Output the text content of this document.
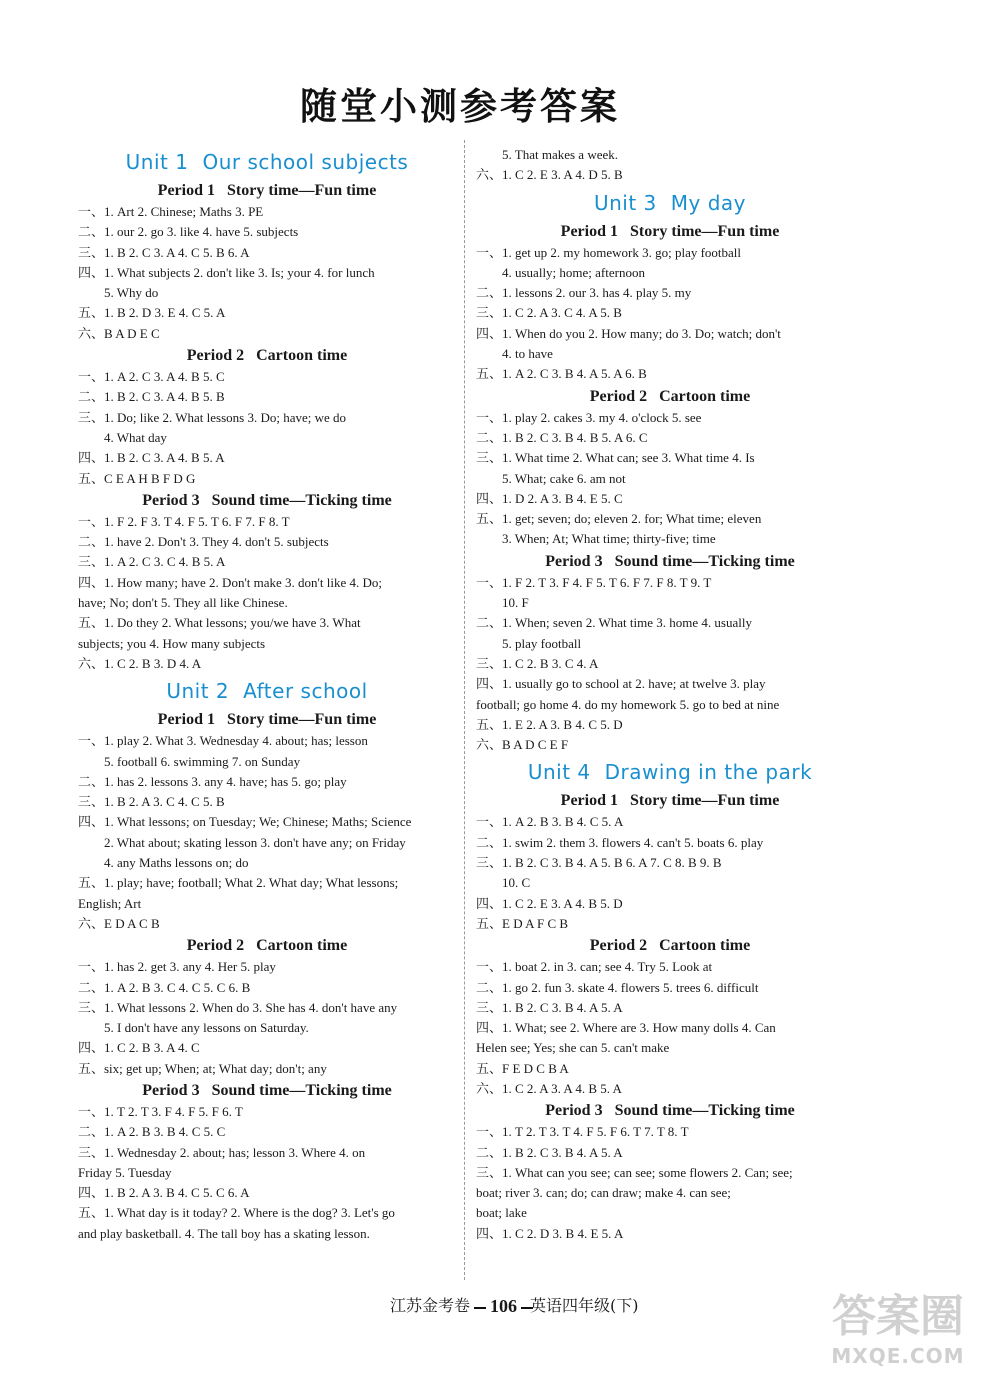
随堂小测参考答案
Unit 1 Our school subjects
Period 1 Story time—Fun time
一、1. Art 2. Chinese; Maths 3. PE
二、1. our 2. go 3. like 4. have 5. subjects
三、1. B 2. C 3. A 4. C 5. B 6. A
四、1. What subjects 2. don't like 3. Is; your 4. for lunch
5. Why do
五、1. B 2. D 3. E 4. C 5. A
六、B A D E C
Period 2 Cartoon time
一、1. A 2. C 3. A 4. B 5. C
二、1. B 2. C 3. A 4. B 5. B
三、1. Do; like 2. What lessons 3. Do; have; we do
4. What day
四、1. B 2. C 3. A 4. B 5. A
五、C E A H B F D G
Period 3 Sound time—Ticking time
一、1. F 2. F 3. T 4. F 5. T 6. F 7. F 8. T
二、1. have 2. Don't 3. They 4. don't 5. subjects
三、1. A 2. C 3. C 4. B 5. A
四、1. How many; have 2. Don't make 3. don't like 4. Do;
have; No; don't 5. They all like Chinese.
五、1. Do they 2. What lessons; you/we have 3. What
subjects; you 4. How many subjects
六、1. C 2. B 3. D 4. A
Unit 2 After school
Period 1 Story time—Fun time
一、1. play 2. What 3. Wednesday 4. about; has; lesson
5. football 6. swimming 7. on Sunday
二、1. has 2. lessons 3. any 4. have; has 5. go; play
三、1. B 2. A 3. C 4. C 5. B
四、1. What lessons; on Tuesday; We; Chinese; Maths; Science
2. What about; skating lesson 3. don't have any; on Friday
4. any Maths lessons on; do
五、1. play; have; football; What 2. What day; What lessons;
English; Art
六、E D A C B
Period 2 Cartoon time
一、1. has 2. get 3. any 4. Her 5. play
二、1. A 2. B 3. C 4. C 5. C 6. B
三、1. What lessons 2. When do 3. She has 4. don't have any
5. I don't have any lessons on Saturday.
四、1. C 2. B 3. A 4. C
五、six; get up; When; at; What day; don't; any
Period 3 Sound time—Ticking time
一、1. T 2. T 3. F 4. F 5. F 6. T
二、1. A 2. B 3. B 4. C 5. C
三、1. Wednesday 2. about; has; lesson 3. Where 4. on
Friday 5. Tuesday
四、1. B 2. A 3. B 4. C 5. C 6. A
五、1. What day is it today? 2. Where is the dog? 3. Let's go
and play basketball. 4. The tall boy has a skating lesson.
5. That makes a week.
六、1. C 2. E 3. A 4. D 5. B
Unit 3 My day
Period 1 Story time—Fun time
一、1. get up 2. my homework 3. go; play football
4. usually; home; afternoon
二、1. lessons 2. our 3. has 4. play 5. my
三、1. C 2. A 3. C 4. A 5. B
四、1. When do you 2. How many; do 3. Do; watch; don't
4. to have
五、1. A 2. C 3. B 4. A 5. A 6. B
Period 2 Cartoon time
一、1. play 2. cakes 3. my 4. o'clock 5. see
二、1. B 2. C 3. B 4. B 5. A 6. C
三、1. What time 2. What can; see 3. What time 4. Is
5. What; cake 6. am not
四、1. D 2. A 3. B 4. E 5. C
五、1. get; seven; do; eleven 2. for; What time; eleven
3. When; At; What time; thirty-five; time
Period 3 Sound time—Ticking time
一、1. F 2. T 3. F 4. F 5. T 6. F 7. F 8. T 9. T
10. F
二、1. When; seven 2. What time 3. home 4. usually
5. play football
三、1. C 2. B 3. C 4. A
四、1. usually go to school at 2. have; at twelve 3. play
football; go home 4. do my homework 5. go to bed at nine
五、1. E 2. A 3. B 4. C 5. D
六、B A D C E F
Unit 4 Drawing in the park
Period 1 Story time—Fun time
一、1. A 2. B 3. B 4. C 5. A
二、1. swim 2. them 3. flowers 4. can't 5. boats 6. play
三、1. B 2. C 3. B 4. A 5. B 6. A 7. C 8. B 9. B
10. C
四、1. C 2. E 3. A 4. B 5. D
五、E D A F C B
Period 2 Cartoon time
一、1. boat 2. in 3. can; see 4. Try 5. Look at
二、1. go 2. fun 3. skate 4. flowers 5. trees 6. difficult
三、1. B 2. C 3. B 4. A 5. A
四、1. What; see 2. Where are 3. How many dolls 4. Can
Helen see; Yes; she can 5. can't make
五、F E D C B A
六、1. C 2. A 3. A 4. B 5. A
Period 3 Sound time—Ticking time
一、1. T 2. T 3. T 4. F 5. F 6. T 7. T 8. T
二、1. B 2. C 3. B 4. A 5. A
三、1. What can you see; can see; some flowers 2. Can; see;
boat; river 3. can; do; can draw; make 4. can see;
boat; lake
四、1. C 2. D 3. B 4. E 5. A
江苏金考卷	106 英语四年级(下)	答案圈
MXQE.COM
